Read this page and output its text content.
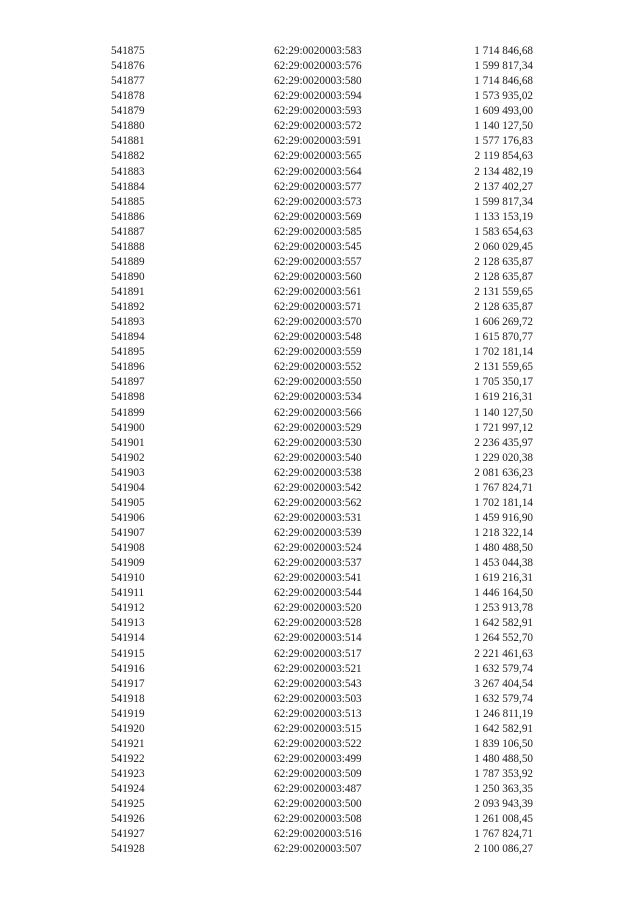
541875	62:29:0020003:583	1 714 846,68
541876	62:29:0020003:576	1 599 817,34
541877	62:29:0020003:580	1 714 846,68
541878	62:29:0020003:594	1 573 935,02
541879	62:29:0020003:593	1 609 493,00
541880	62:29:0020003:572	1 140 127,50
541881	62:29:0020003:591	1 577 176,83
541882	62:29:0020003:565	2 119 854,63
541883	62:29:0020003:564	2 134 482,19
541884	62:29:0020003:577	2 137 402,27
541885	62:29:0020003:573	1 599 817,34
541886	62:29:0020003:569	1 133 153,19
541887	62:29:0020003:585	1 583 654,63
541888	62:29:0020003:545	2 060 029,45
541889	62:29:0020003:557	2 128 635,87
541890	62:29:0020003:560	2 128 635,87
541891	62:29:0020003:561	2 131 559,65
541892	62:29:0020003:571	2 128 635,87
541893	62:29:0020003:570	1 606 269,72
541894	62:29:0020003:548	1 615 870,77
541895	62:29:0020003:559	1 702 181,14
541896	62:29:0020003:552	2 131 559,65
541897	62:29:0020003:550	1 705 350,17
541898	62:29:0020003:534	1 619 216,31
541899	62:29:0020003:566	1 140 127,50
541900	62:29:0020003:529	1 721 997,12
541901	62:29:0020003:530	2 236 435,97
541902	62:29:0020003:540	1 229 020,38
541903	62:29:0020003:538	2 081 636,23
541904	62:29:0020003:542	1 767 824,71
541905	62:29:0020003:562	1 702 181,14
541906	62:29:0020003:531	1 459 916,90
541907	62:29:0020003:539	1 218 322,14
541908	62:29:0020003:524	1 480 488,50
541909	62:29:0020003:537	1 453 044,38
541910	62:29:0020003:541	1 619 216,31
541911	62:29:0020003:544	1 446 164,50
541912	62:29:0020003:520	1 253 913,78
541913	62:29:0020003:528	1 642 582,91
541914	62:29:0020003:514	1 264 552,70
541915	62:29:0020003:517	2 221 461,63
541916	62:29:0020003:521	1 632 579,74
541917	62:29:0020003:543	3 267 404,54
541918	62:29:0020003:503	1 632 579,74
541919	62:29:0020003:513	1 246 811,19
541920	62:29:0020003:515	1 642 582,91
541921	62:29:0020003:522	1 839 106,50
541922	62:29:0020003:499	1 480 488,50
541923	62:29:0020003:509	1 787 353,92
541924	62:29:0020003:487	1 250 363,35
541925	62:29:0020003:500	2 093 943,39
541926	62:29:0020003:508	1 261 008,45
541927	62:29:0020003:516	1 767 824,71
541928	62:29:0020003:507	2 100 086,27
